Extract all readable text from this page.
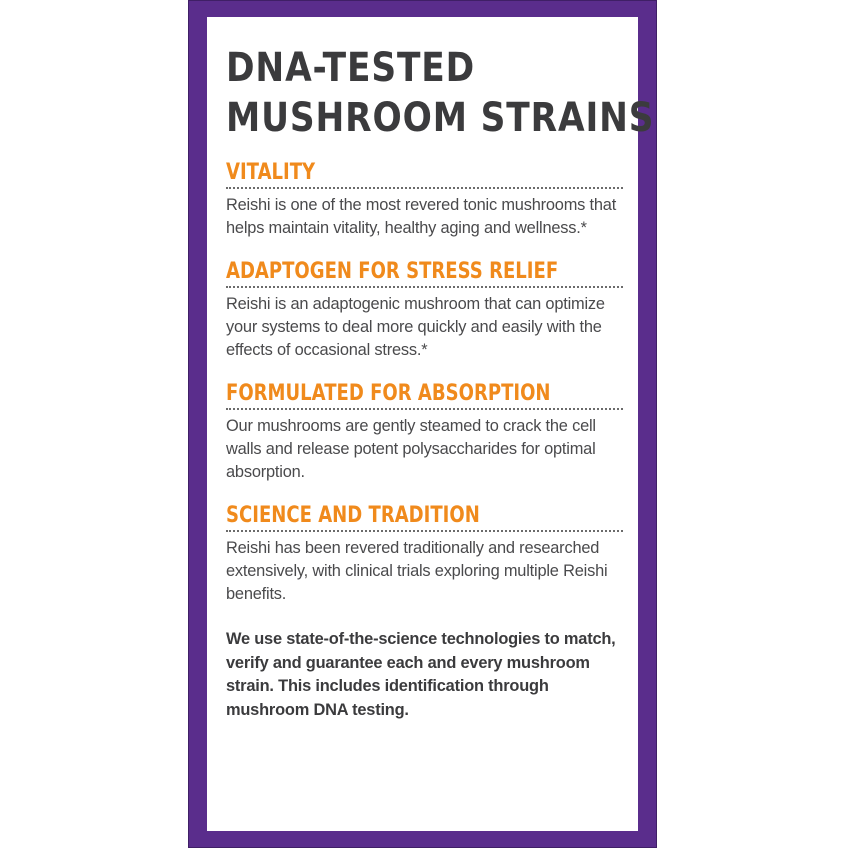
DNA-TESTED
MUSHROOM STRAINS
VITALITY

Reishi is one of the most revered tonic mushrooms that helps maintain vitality, healthy aging and wellness.*

ADAPTOGEN FOR STRESS RELIEF

Reishi is an adaptogenic mushroom that can optimize your systems to deal more quickly and easily with the effects of occasional stress.*

FORMULATED FOR ABSORPTION

Our mushrooms are gently steamed to crack the cell walls and release potent polysaccharides for optimal absorption.

SCIENCE AND TRADITION

Reishi has been revered traditionally and researched extensively, with clinical trials exploring multiple Reishi benefits.

We use state-of-the-science technologies to match, verify and guarantee each and every mushroom strain. This includes identification through mushroom DNA testing.
